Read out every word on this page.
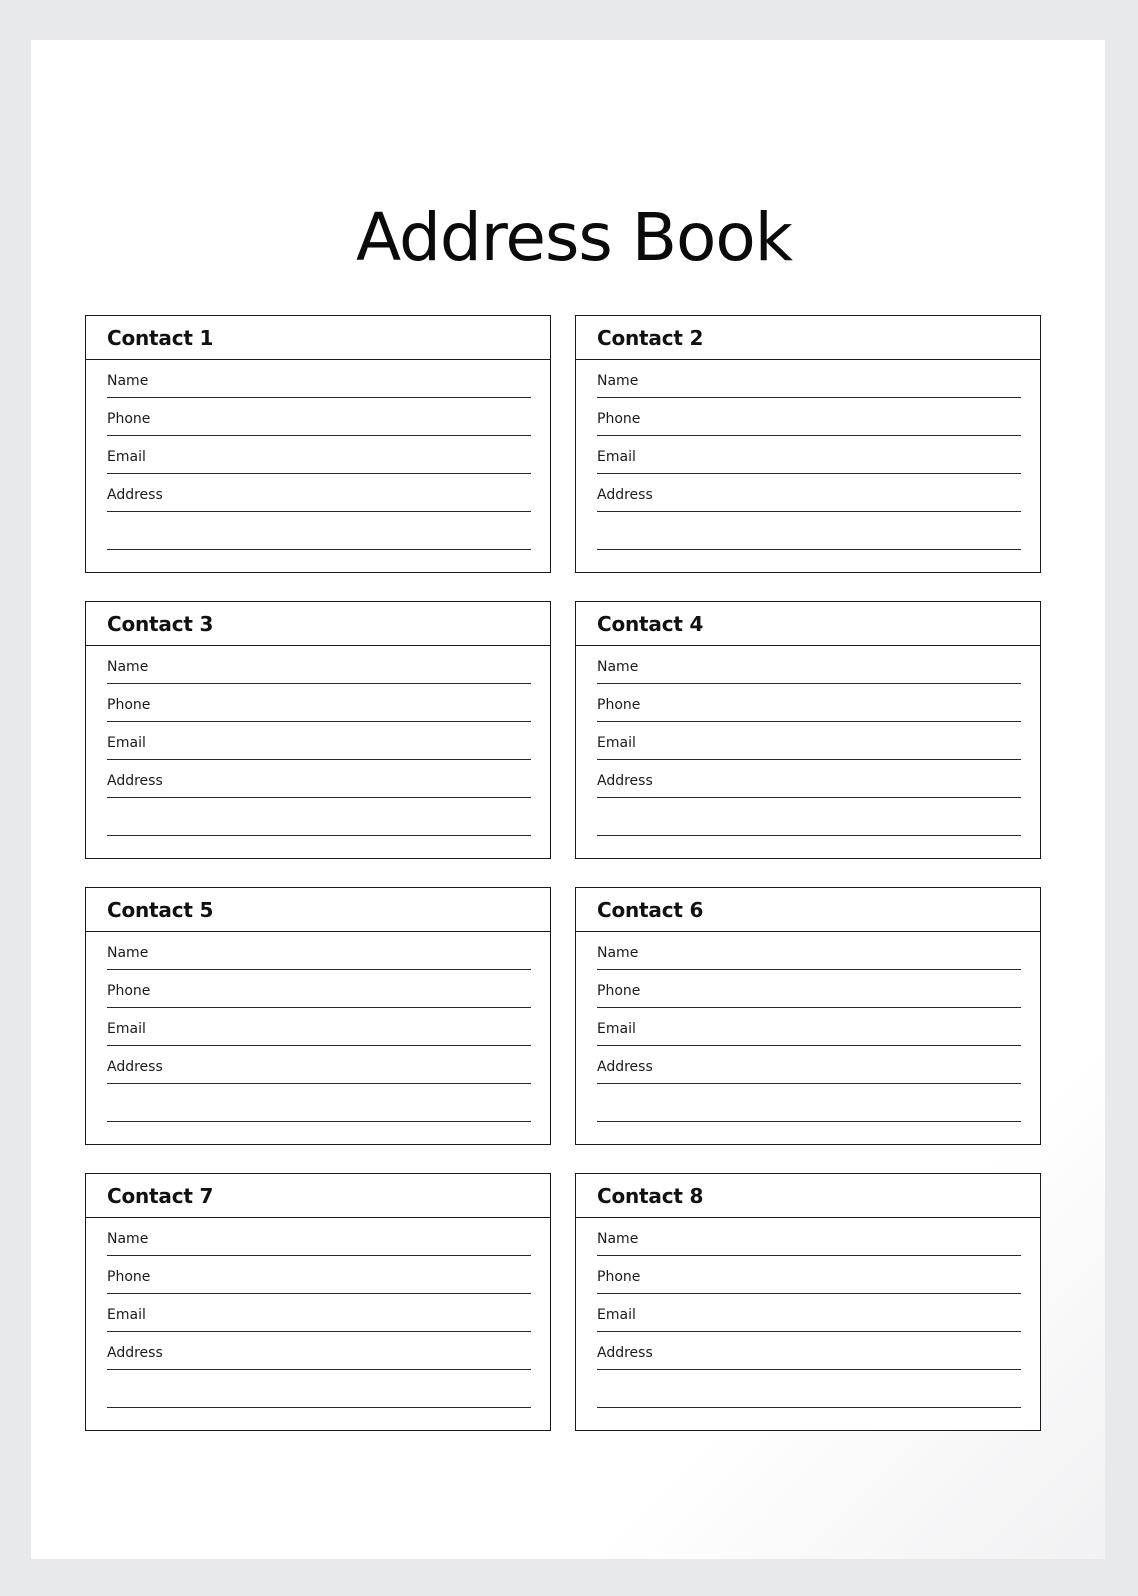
Address Book
Contact 1
Name
Phone
Email
Address
Contact 2
Name
Phone
Email
Address
Contact 3
Name
Phone
Email
Address
Contact 4
Name
Phone
Email
Address
Contact 5
Name
Phone
Email
Address
Contact 6
Name
Phone
Email
Address
Contact 7
Name
Phone
Email
Address
Contact 8
Name
Phone
Email
Address
